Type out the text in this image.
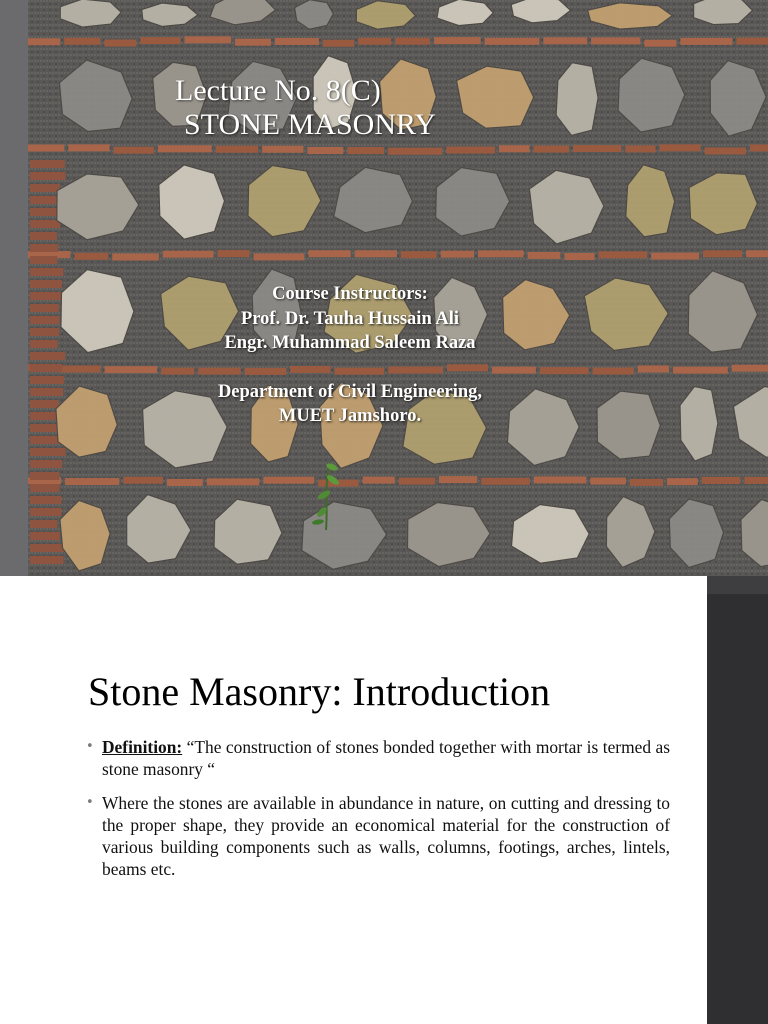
Lecture No. 8(C)
STONE MASONRY
Course Instructors:
Prof. Dr. Tauha Hussain Ali
Engr. Muhammad Saleem Raza
Department of Civil Engineering,
MUET Jamshoro.
Stone Masonry: Introduction
• Definition: “The construction of stones bonded together with mortar is termed as stone masonry “
• Where the stones are available in abundance in nature, on cutting and dressing to the proper shape, they provide an economical material for the construction of various building components such as walls, columns, footings, arches, lintels, beams etc.
